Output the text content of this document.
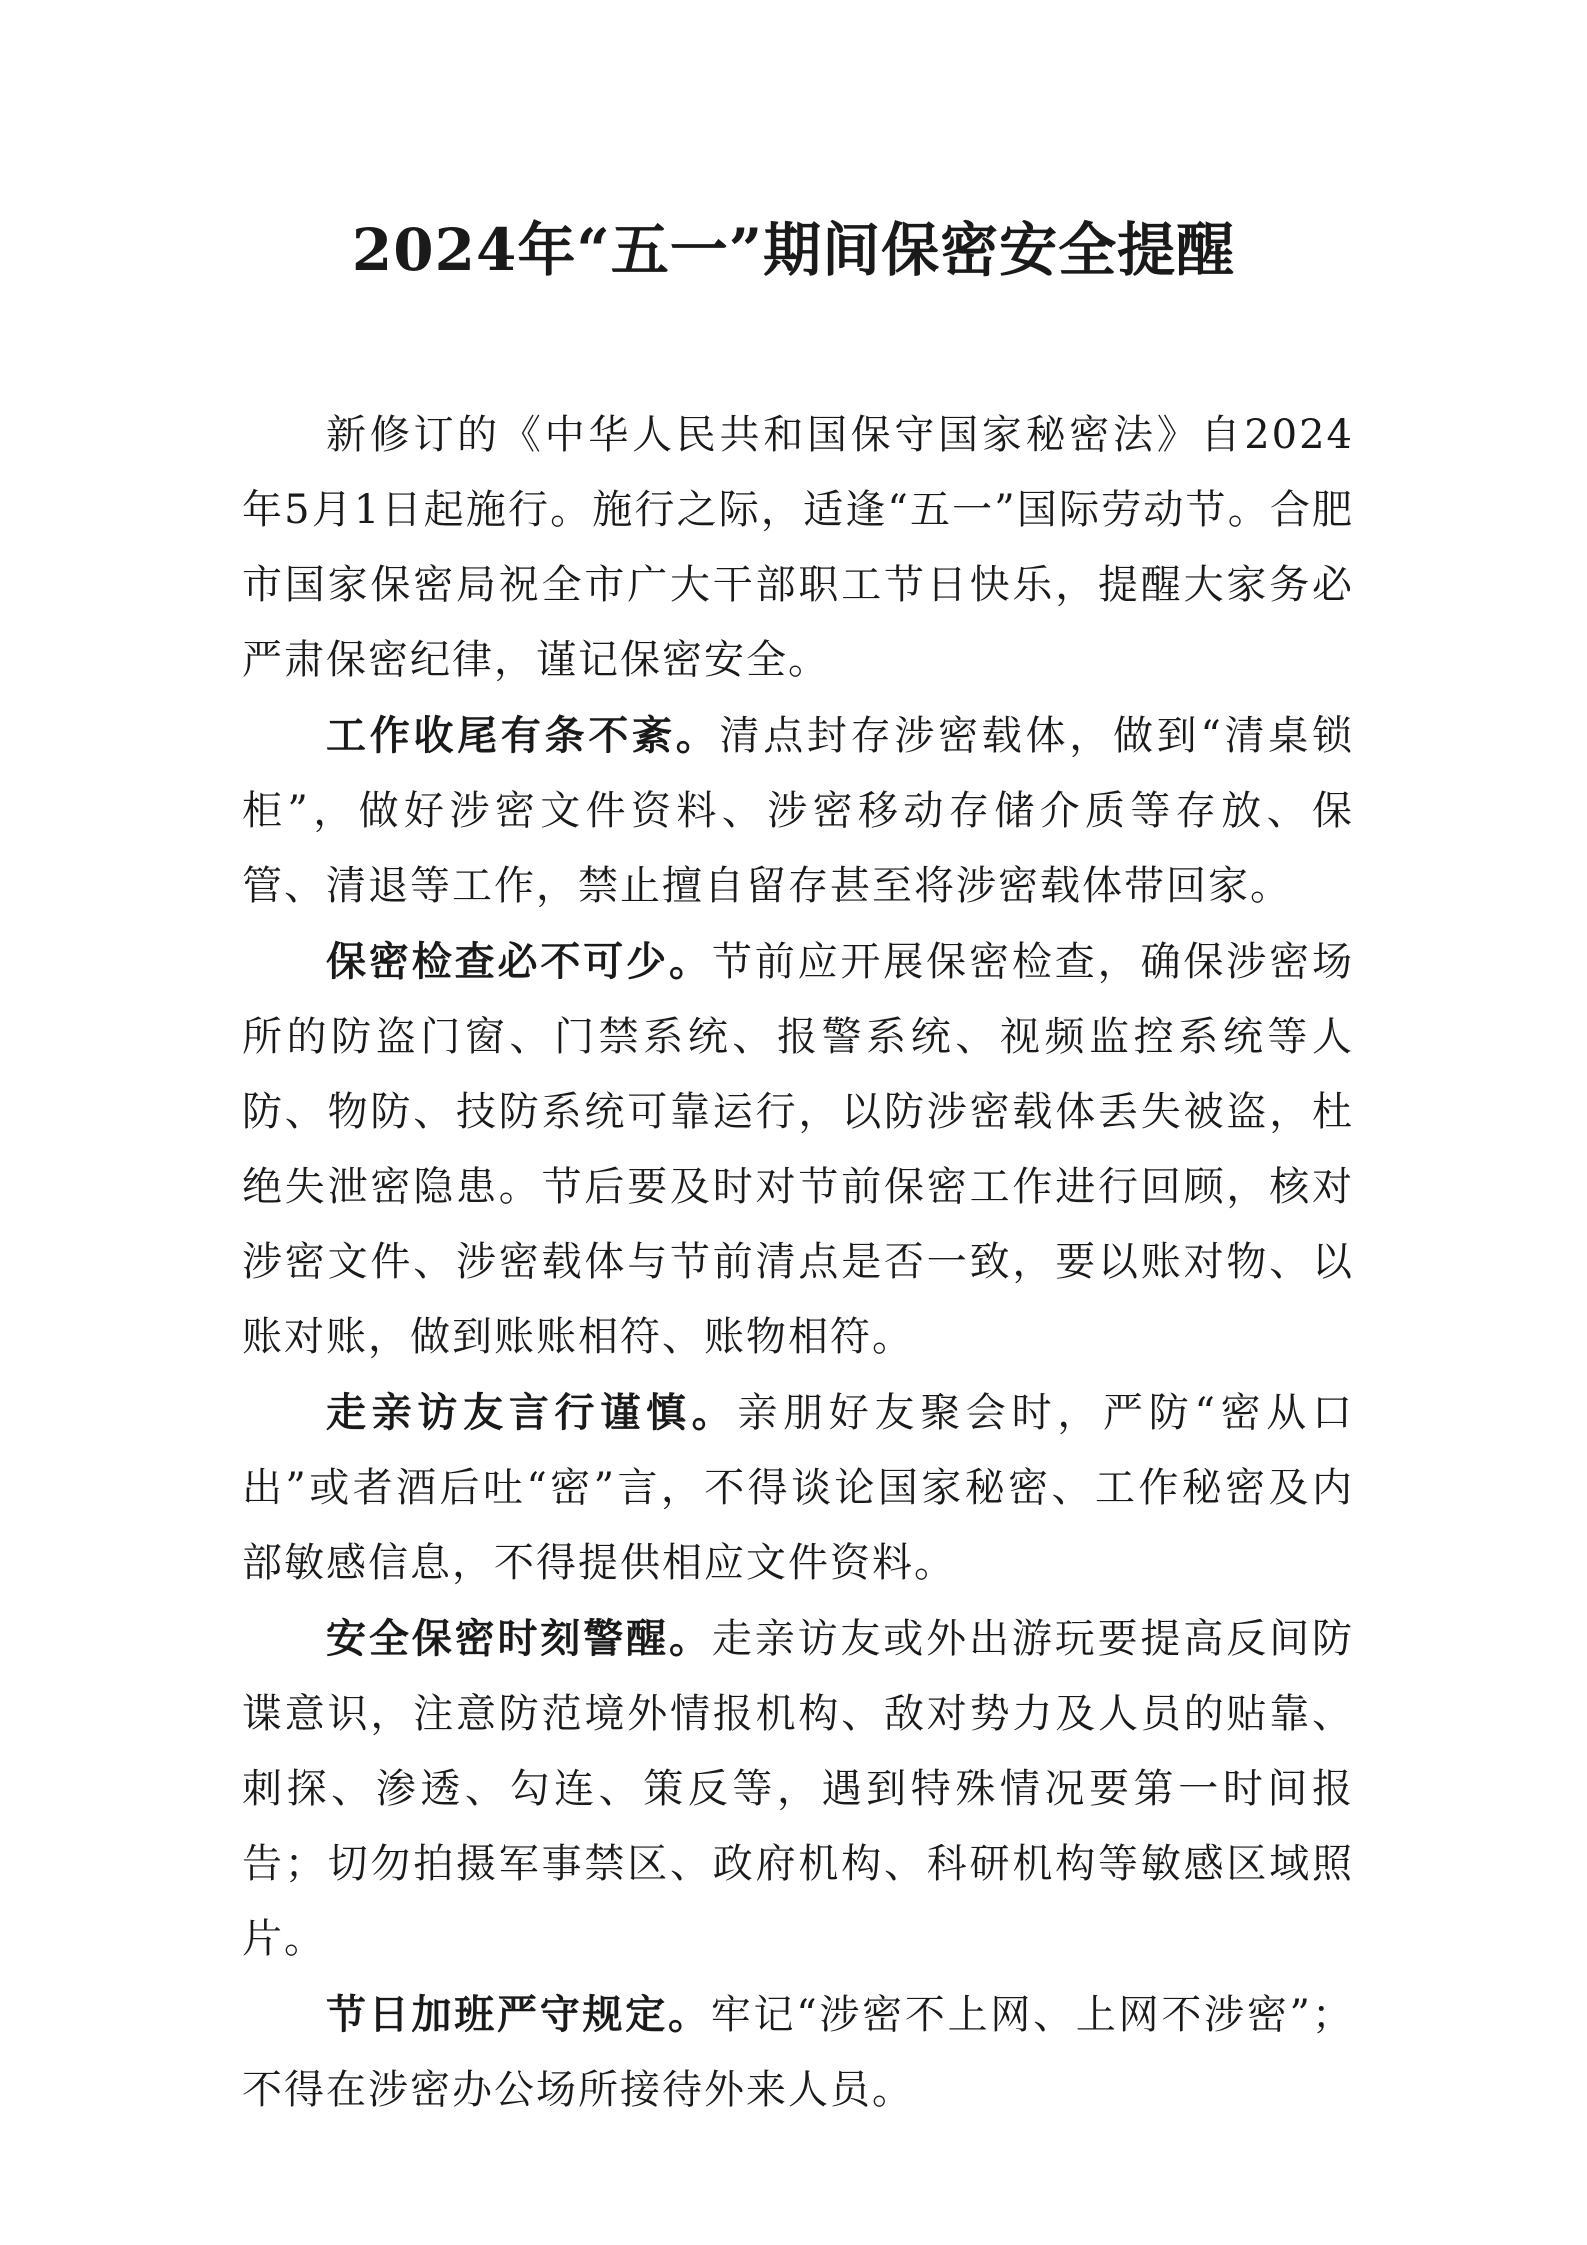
2024年“五一”期间保密安全提醒

新修订的《中华人民共和国保守国家秘密法》自2024年5月1日起施行。施行之际，适逢“五一”国际劳动节。合肥市国家保密局祝全市广大干部职工节日快乐，提醒大家务必严肃保密纪律，谨记保密安全。

工作收尾有条不紊。清点封存涉密载体，做到“清桌锁柜”，做好涉密文件资料、涉密移动存储介质等存放、保管、清退等工作，禁止擅自留存甚至将涉密载体带回家。

保密检查必不可少。节前应开展保密检查，确保涉密场所的防盗门窗、门禁系统、报警系统、视频监控系统等人防、物防、技防系统可靠运行，以防涉密载体丢失被盗，杜绝失泄密隐患。节后要及时对节前保密工作进行回顾，核对涉密文件、涉密载体与节前清点是否一致，要以账对物、以账对账，做到账账相符、账物相符。

走亲访友言行谨慎。亲朋好友聚会时，严防“密从口出”或者酒后吐“密”言，不得谈论国家秘密、工作秘密及内部敏感信息，不得提供相应文件资料。

安全保密时刻警醒。走亲访友或外出游玩要提高反间防谍意识，注意防范境外情报机构、敌对势力及人员的贴靠、刺探、渗透、勾连、策反等，遇到特殊情况要第一时间报告；切勿拍摄军事禁区、政府机构、科研机构等敏感区域照片。

节日加班严守规定。牢记“涉密不上网、上网不涉密”；不得在涉密办公场所接待外来人员。
